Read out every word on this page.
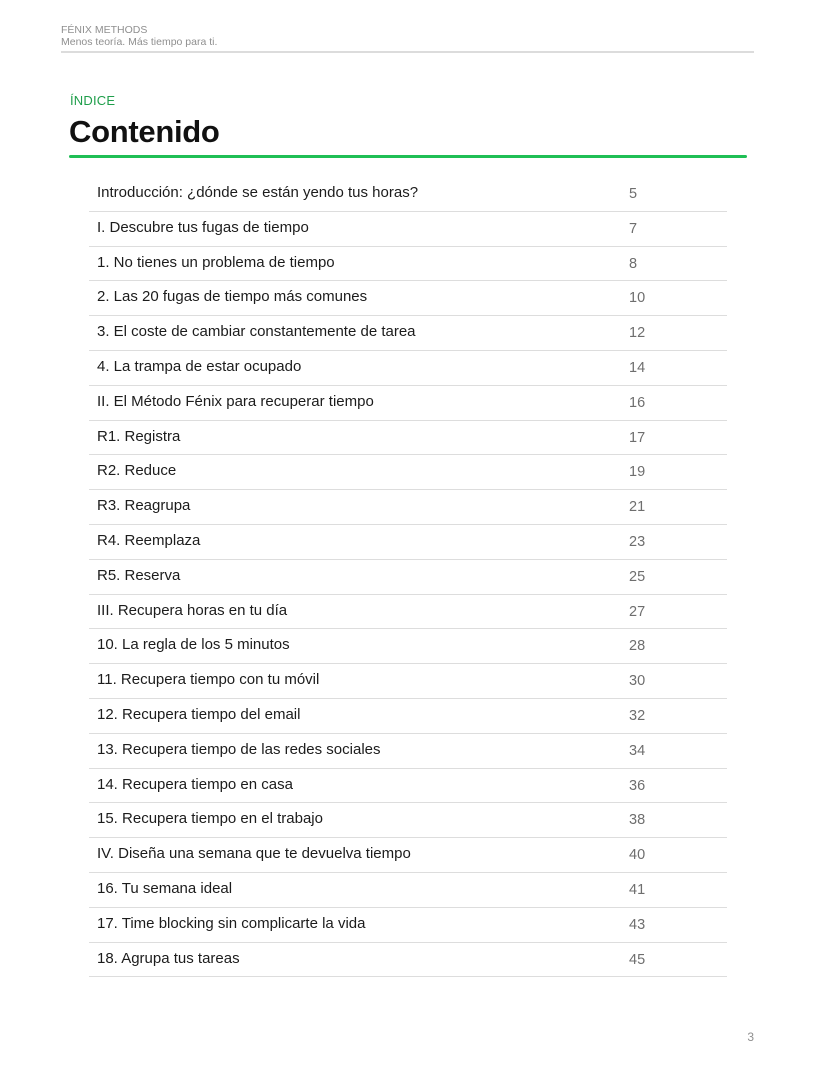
FÉNIX METHODS
Menos teoría. Más tiempo para ti.
ÍNDICE
Contenido
Introducción: ¿dónde se están yendo tus horas?	5
I. Descubre tus fugas de tiempo	7
1. No tienes un problema de tiempo	8
2. Las 20 fugas de tiempo más comunes	10
3. El coste de cambiar constantemente de tarea	12
4. La trampa de estar ocupado	14
II. El Método Fénix para recuperar tiempo	16
R1. Registra	17
R2. Reduce	19
R3. Reagrupa	21
R4. Reemplaza	23
R5. Reserva	25
III. Recupera horas en tu día	27
10. La regla de los 5 minutos	28
11. Recupera tiempo con tu móvil	30
12. Recupera tiempo del email	32
13. Recupera tiempo de las redes sociales	34
14. Recupera tiempo en casa	36
15. Recupera tiempo en el trabajo	38
IV. Diseña una semana que te devuelva tiempo	40
16. Tu semana ideal	41
17. Time blocking sin complicarte la vida	43
18. Agrupa tus tareas	45
3
